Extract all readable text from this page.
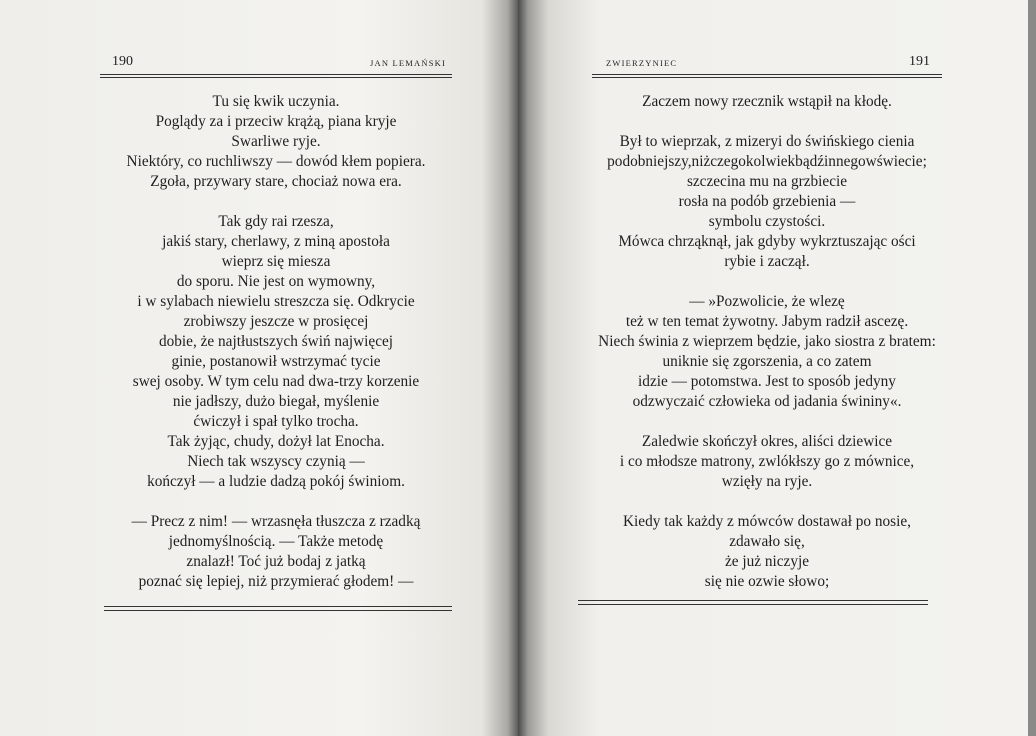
190	JAN LEMAŃSKI
Tu się kwik uczynia.
Poglądy za i przeciw krążą, piana kryje
Swarliwe ryje.
Niektóry, co ruchliwszy — dowód kłem popiera.
Zgoła, przywary stare, chociaż nowa era.
Tak gdy rai rzesza,
jakiś stary, cherlawy, z miną apostoła
wieprz się miesza
do sporu. Nie jest on wymowny,
i w sylabach niewielu streszcza się. Odkrycie
zrobiwszy jeszcze w prosięcej
dobie, że najtłustszych świń najwięcej
ginie, postanowił wstrzymać tycie
swej osoby. W tym celu nad dwa-trzy korzenie
nie jadłszy, dużo biegał, myślenie
ćwiczył i spał tylko trocha.
Tak żyjąc, chudy, dożył lat Enocha.
Niech tak wszyscy czynią —
kończył — a ludzie dadzą pokój świniom.
— Precz z nim! — wrzasnęła tłuszcza z rzadką
jednomyślnością. — Także metodę
znalazł! Toć już bodaj z jatką
poznać się lepiej, niż przymierać głodem! —
ZWIERZYNIEC	191
Zaczem nowy rzecznik wstąpił na kłodę.
Był to wieprzak, z mizeryi do świńskiego cienia
podobniejszy,niżczegokolwiekbądźinnegowświecie;
szczecina mu na grzbiecie
rosła na podób grzebienia —
symbolu czystości.
Mówca chrząknął, jak gdyby wykrztuszając ości
rybie i zaczął.
— »Pozwolicie, że wlezę
też w ten temat żywotny. Jabym radził ascezę.
Niech świnia z wieprzem będzie, jako siostra z bratem:
uniknie się zgorszenia, a co zatem
idzie — potomstwa. Jest to sposób jedyny
odzwyczaić człowieka od jadania świniny«.
Zaledwie skończył okres, aliści dziewice
i co młodsze matrony, zwlókłszy go z mównice,
wzięły na ryje.
Kiedy tak każdy z mówców dostawał po nosie,
zdawało się,
że już niczyje
się nie ozwie słowo;
